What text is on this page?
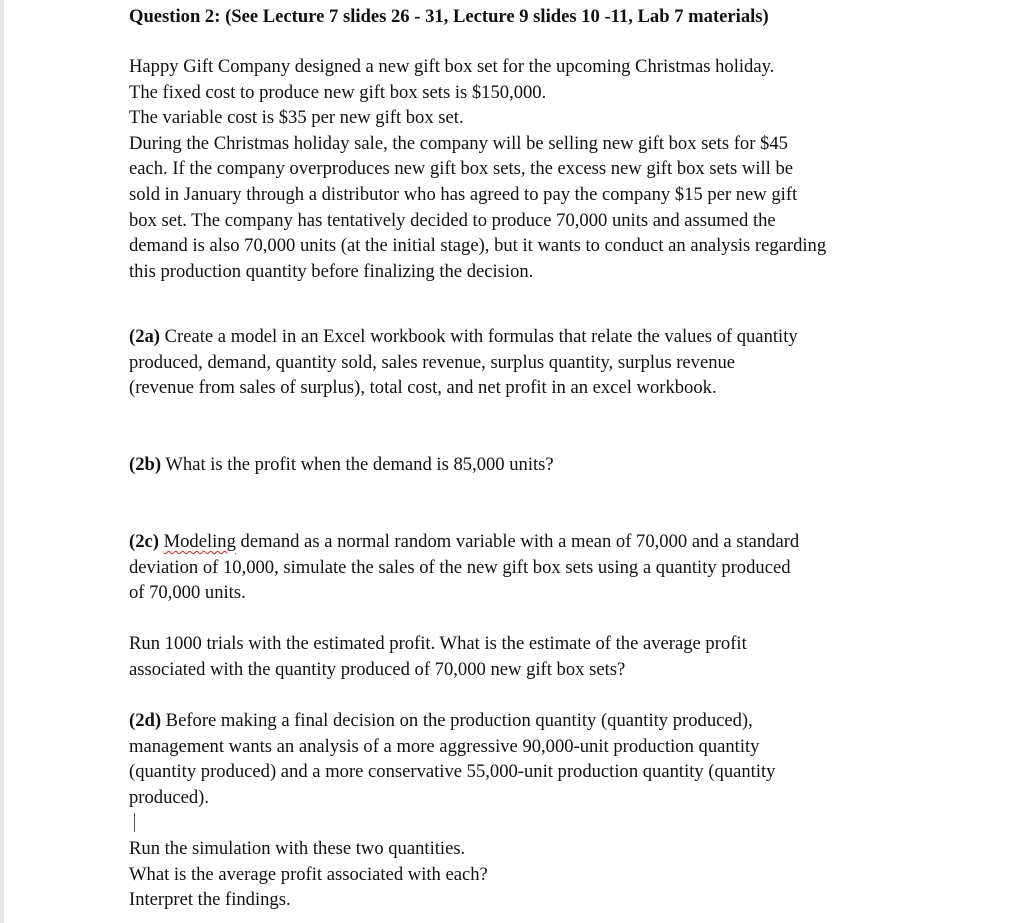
Question 2: (See Lecture 7 slides 26 - 31, Lecture 9 slides 10 -11, Lab 7 materials)
Happy Gift Company designed a new gift box set for the upcoming Christmas holiday.
The fixed cost to produce new gift box sets is $150,000.
The variable cost is $35 per new gift box set.
During the Christmas holiday sale, the company will be selling new gift box sets for $45
each. If the company overproduces new gift box sets, the excess new gift box sets will be
sold in January through a distributor who has agreed to pay the company $15 per new gift
box set. The company has tentatively decided to produce 70,000 units and assumed the
demand is also 70,000 units (at the initial stage), but it wants to conduct an analysis regarding
this production quantity before finalizing the decision.
(2a) Create a model in an Excel workbook with formulas that relate the values of quantity
produced, demand, quantity sold, sales revenue, surplus quantity, surplus revenue
(revenue from sales of surplus), total cost, and net profit in an excel workbook.
(2b) What is the profit when the demand is 85,000 units?
(2c) Modeling demand as a normal random variable with a mean of 70,000 and a standard
deviation of 10,000, simulate the sales of the new gift box sets using a quantity produced
of 70,000 units.
Run 1000 trials with the estimated profit. What is the estimate of the average profit
associated with the quantity produced of 70,000 new gift box sets?
(2d) Before making a final decision on the production quantity (quantity produced),
management wants an analysis of a more aggressive 90,000-unit production quantity
(quantity produced) and a more conservative 55,000-unit production quantity (quantity
produced).
Run the simulation with these two quantities.
What is the average profit associated with each?
Interpret the findings.
